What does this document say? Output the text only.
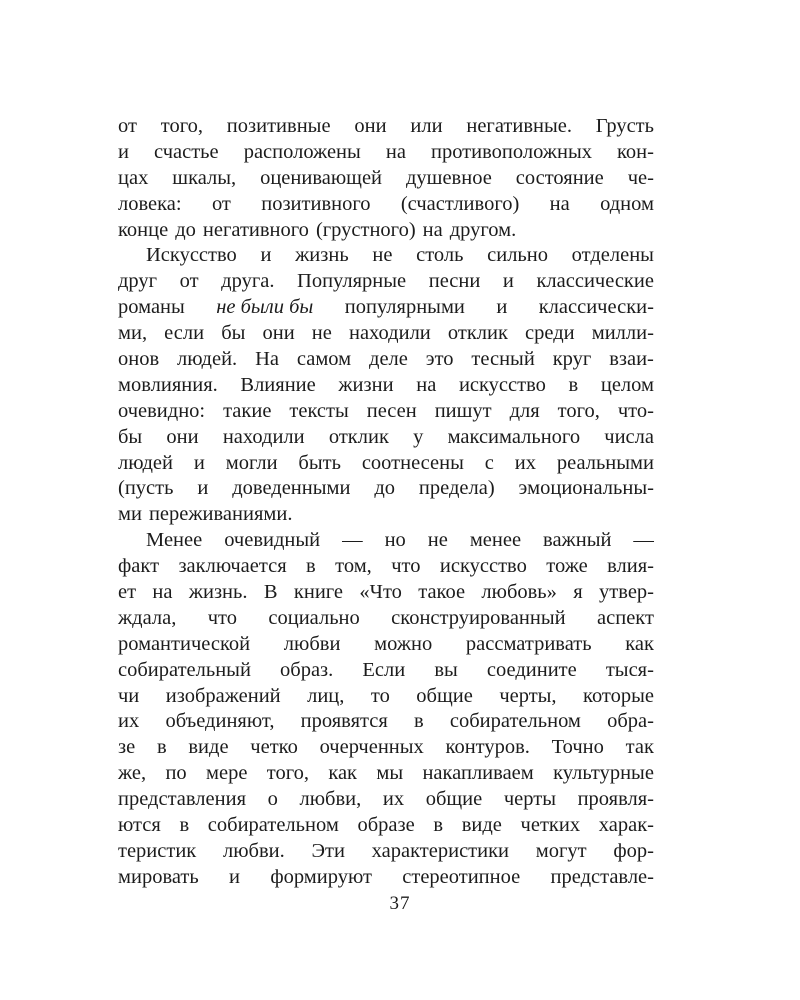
от того, позитивные они или негативные. Грусть
и счастье расположены на противоположных кон-
цах шкалы, оценивающей душевное состояние че-
ловека: от позитивного (счастливого) на одном
конце до негативного (грустного) на другом.
Искусство и жизнь не столь сильно отделены
друг от друга. Популярные песни и классические
романы не были бы популярными и классически-
ми, если бы они не находили отклик среди милли-
онов людей. На самом деле это тесный круг взаи-
мовлияния. Влияние жизни на искусство в целом
очевидно: такие тексты песен пишут для того, что-
бы они находили отклик у максимального числа
людей и могли быть соотнесены с их реальными
(пусть и доведенными до предела) эмоциональны-
ми переживаниями.
Менее очевидный — но не менее важный —
факт заключается в том, что искусство тоже влия-
ет на жизнь. В книге «Что такое любовь» я утвер-
ждала, что социально сконструированный аспект
романтической любви можно рассматривать как
собирательный образ. Если вы соедините тыся-
чи изображений лиц, то общие черты, которые
их объединяют, проявятся в собирательном обра-
зе в виде четко очерченных контуров. Точно так
же, по мере того, как мы накапливаем культурные
представления о любви, их общие черты проявля-
ются в собирательном образе в виде четких харак-
теристик любви. Эти характеристики могут фор-
мировать и формируют стереотипное представле-
37
